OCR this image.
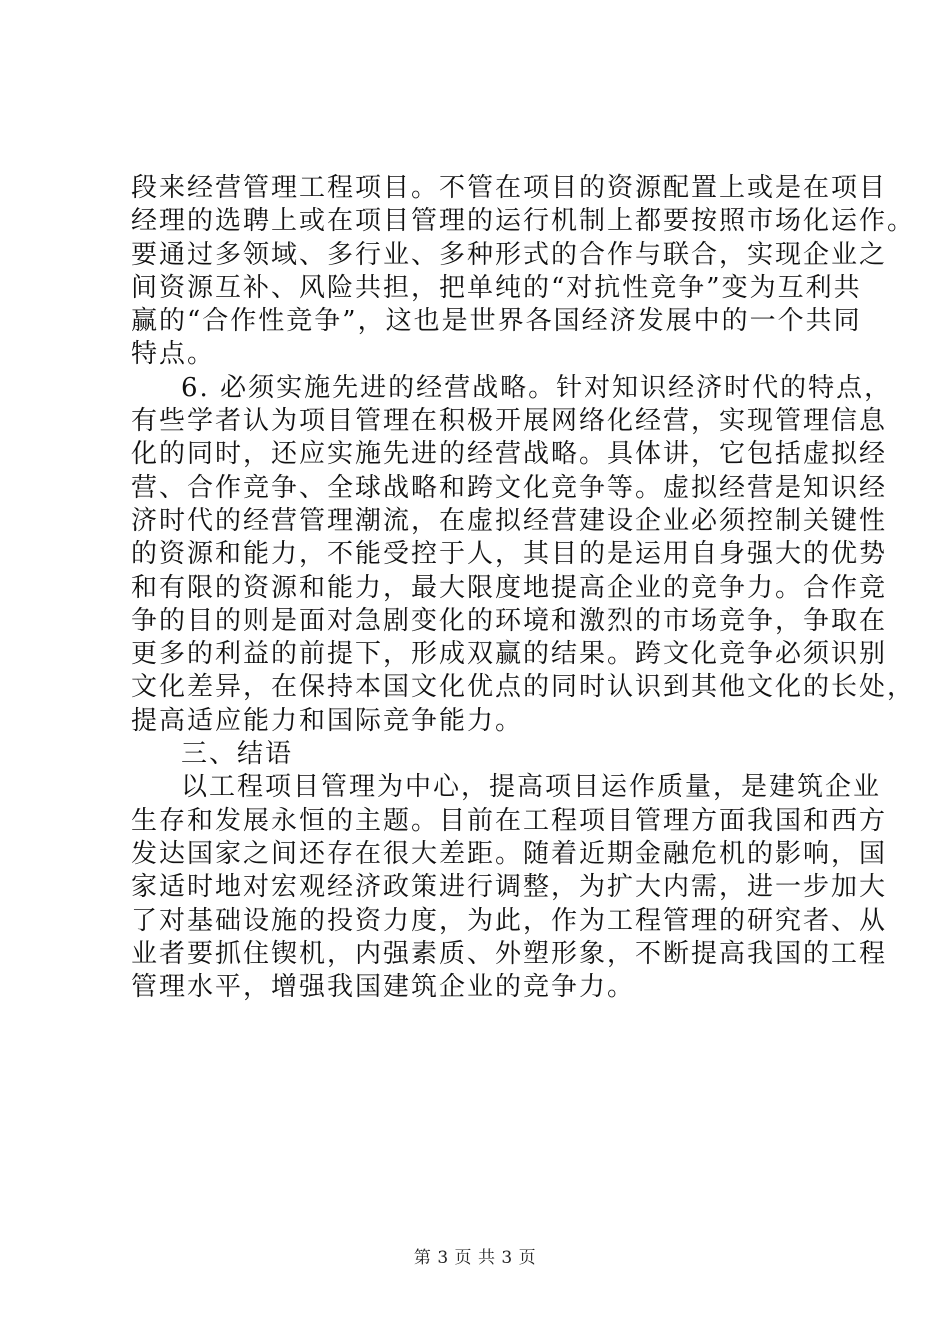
段来经营管理工程项目。不管在项目的资源配置上或是在项目
经理的选聘上或在项目管理的运行机制上都要按照市场化运作。
要通过多领域、多行业、多种形式的合作与联合，实现企业之
间资源互补、风险共担，把单纯的“对抗性竞争”变为互利共
赢的“合作性竞争”，这也是世界各国经济发展中的一个共同
特点。
6. 必须实施先进的经营战略。针对知识经济时代的特点，
有些学者认为项目管理在积极开展网络化经营，实现管理信息
化的同时，还应实施先进的经营战略。具体讲，它包括虚拟经
营、合作竞争、全球战略和跨文化竞争等。虚拟经营是知识经
济时代的经营管理潮流，在虚拟经营建设企业必须控制关键性
的资源和能力，不能受控于人，其目的是运用自身强大的优势
和有限的资源和能力，最大限度地提高企业的竞争力。合作竞
争的目的则是面对急剧变化的环境和激烈的市场竞争，争取在
更多的利益的前提下，形成双赢的结果。跨文化竞争必须识别
文化差异，在保持本国文化优点的同时认识到其他文化的长处，
提高适应能力和国际竞争能力。
三、结语
以工程项目管理为中心，提高项目运作质量，是建筑企业
生存和发展永恒的主题。目前在工程项目管理方面我国和西方
发达国家之间还存在很大差距。随着近期金融危机的影响，国
家适时地对宏观经济政策进行调整，为扩大内需，进一步加大
了对基础设施的投资力度，为此，作为工程管理的研究者、从
业者要抓住锲机，内强素质、外塑形象，不断提高我国的工程
管理水平，增强我国建筑企业的竞争力。
第 3 页 共 3 页
